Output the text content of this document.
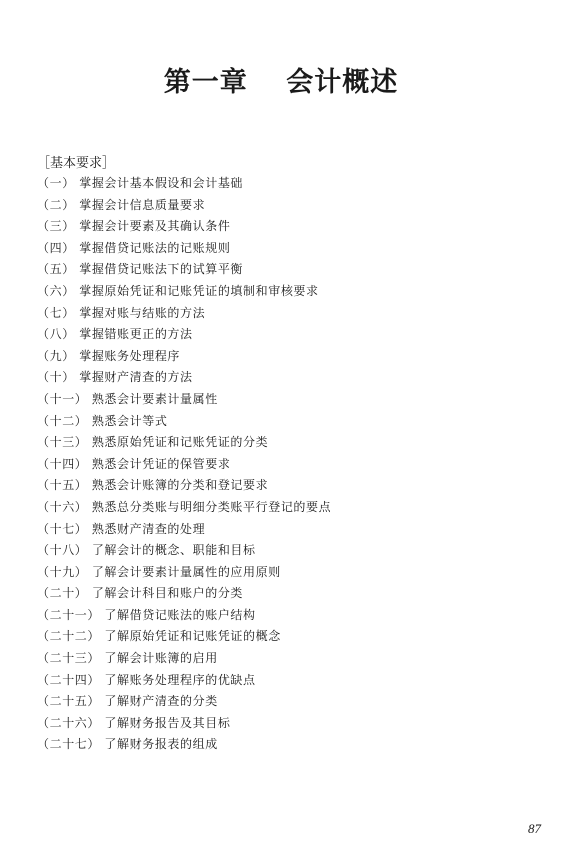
第一章　 会计概述
［基本要求］
（一） 掌握会计基本假设和会计基础
（二） 掌握会计信息质量要求
（三） 掌握会计要素及其确认条件
（四） 掌握借贷记账法的记账规则
（五） 掌握借贷记账法下的试算平衡
（六） 掌握原始凭证和记账凭证的填制和审核要求
（七） 掌握对账与结账的方法
（八） 掌握错账更正的方法
（九） 掌握账务处理程序
（十） 掌握财产清查的方法
（十一） 熟悉会计要素计量属性
（十二） 熟悉会计等式
（十三） 熟悉原始凭证和记账凭证的分类
（十四） 熟悉会计凭证的保管要求
（十五） 熟悉会计账簿的分类和登记要求
（十六） 熟悉总分类账与明细分类账平行登记的要点
（十七） 熟悉财产清查的处理
（十八） 了解会计的概念、职能和目标
（十九） 了解会计要素计量属性的应用原则
（二十） 了解会计科目和账户的分类
（二十一） 了解借贷记账法的账户结构
（二十二） 了解原始凭证和记账凭证的概念
（二十三） 了解会计账簿的启用
（二十四） 了解账务处理程序的优缺点
（二十五） 了解财产清查的分类
（二十六） 了解财务报告及其目标
（二十七） 了解财务报表的组成
87
